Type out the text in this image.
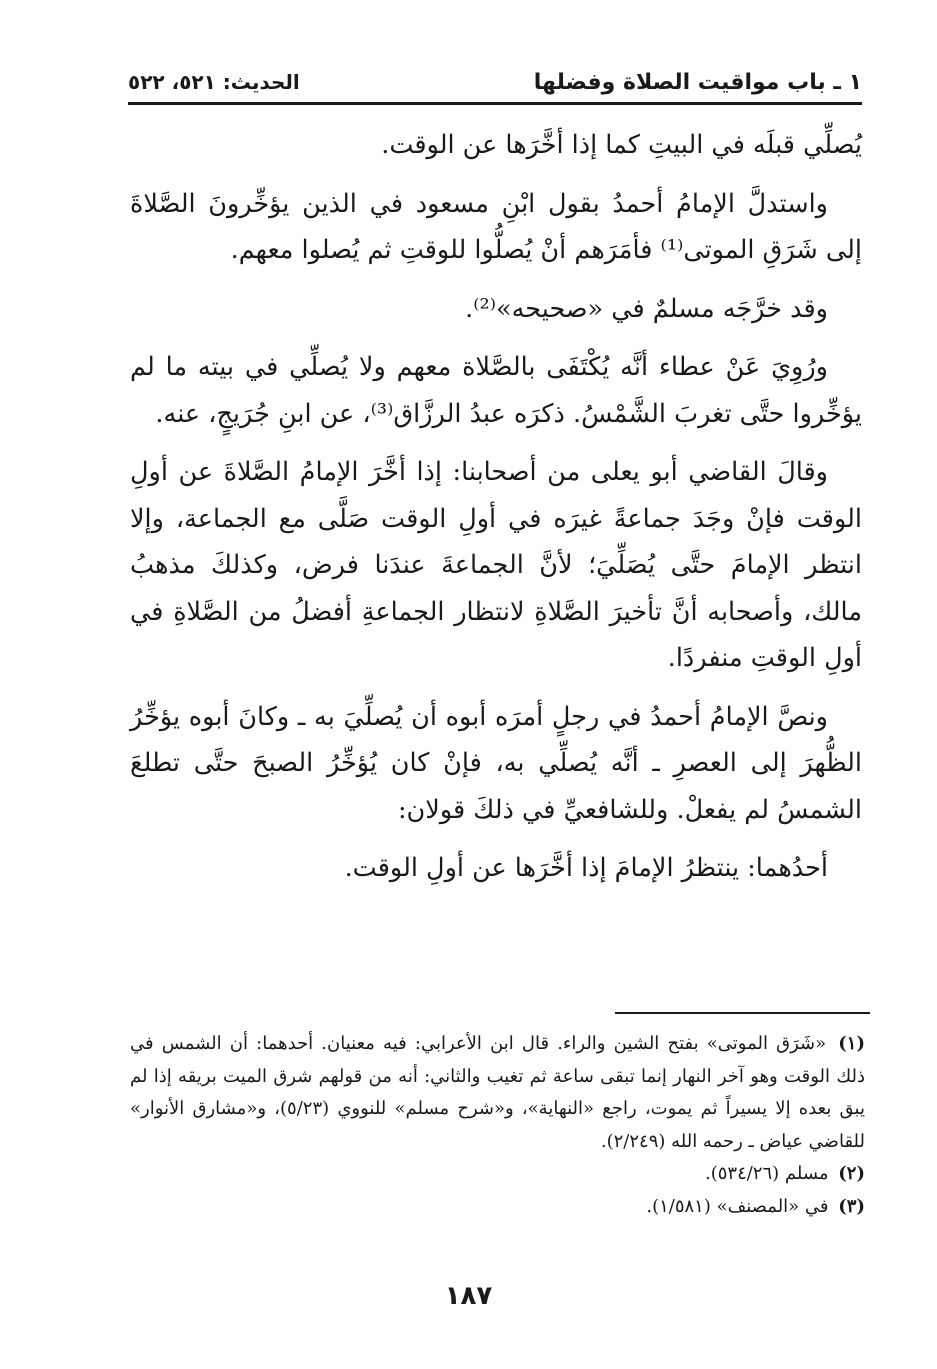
١ ـ باب مواقيت الصلاة وفضلها
الحديث: ٥٢١، ٥٢٢

يُصلِّي قبلَه في البيتِ كما إذا أخَّرَها عن الوقت.

واستدلَّ الإمامُ أحمدُ بقول ابْنِ مسعود في الذين يؤخِّرونَ الصَّلاةَ إلى شَرَقِ الموتى⁽¹⁾ فأمَرَهم أنْ يُصلُّوا للوقتِ ثم يُصلوا معهم.

وقد خرَّجَه مسلمٌ في «صحيحه»⁽²⁾.

ورُوِيَ عَنْ عطاء أنَّه يُكْتَفَى بالصَّلاة معهم ولا يُصلِّي في بيته ما لم يؤخِّروا حتَّى تغربَ الشَّمْسُ. ذكرَه عبدُ الرزَّاق⁽³⁾، عن ابنِ جُرَيجٍ، عنه.

وقالَ القاضي أبو يعلى من أصحابنا: إذا أخَّرَ الإمامُ الصَّلاةَ عن أولِ الوقت فإنْ وجَدَ جماعةً غيرَه في أولِ الوقت صَلَّى مع الجماعة، وإلا انتظر الإمامَ حتَّى يُصَلِّيَ؛ لأنَّ الجماعةَ عندَنا فرض، وكذلكَ مذهبُ مالك، وأصحابه أنَّ تأخيرَ الصَّلاةِ لانتظار الجماعةِ أفضلُ من الصَّلاةِ في أولِ الوقتِ منفردًا.

ونصَّ الإمامُ أحمدُ في رجلٍ أمرَه أبوه أن يُصلِّيَ به ـ وكانَ أبوه يؤخِّرُ الظُّهرَ إلى العصرِ ـ أنَّه يُصلِّي به، فإنْ كان يُؤخِّرُ الصبحَ حتَّى تطلعَ الشمسُ لم يفعلْ. وللشافعيِّ في ذلكَ قولان:

أحدُهما: ينتظرُ الإمامَ إذا أخَّرَها عن أولِ الوقت.

(١) «شَرَق الموتى» بفتح الشين والراء. قال ابن الأعرابي: فيه معنيان. أحدهما: أن الشمس في ذلك الوقت وهو آخر النهار إنما تبقى ساعة ثم تغيب والثاني: أنه من قولهم شرق الميت بريقه إذا لم يبق بعده إلا يسيراً ثم يموت، راجع «النهاية»، و«شرح مسلم» للنووي (٥/٢٣)، و«مشارق الأنوار» للقاضي عياض ـ رحمه الله (٢/٢٤٩).

(٢) مسلم (٥٣٤/٢٦).

(٣) في «المصنف» (١/٥٨١).

١٨٧
